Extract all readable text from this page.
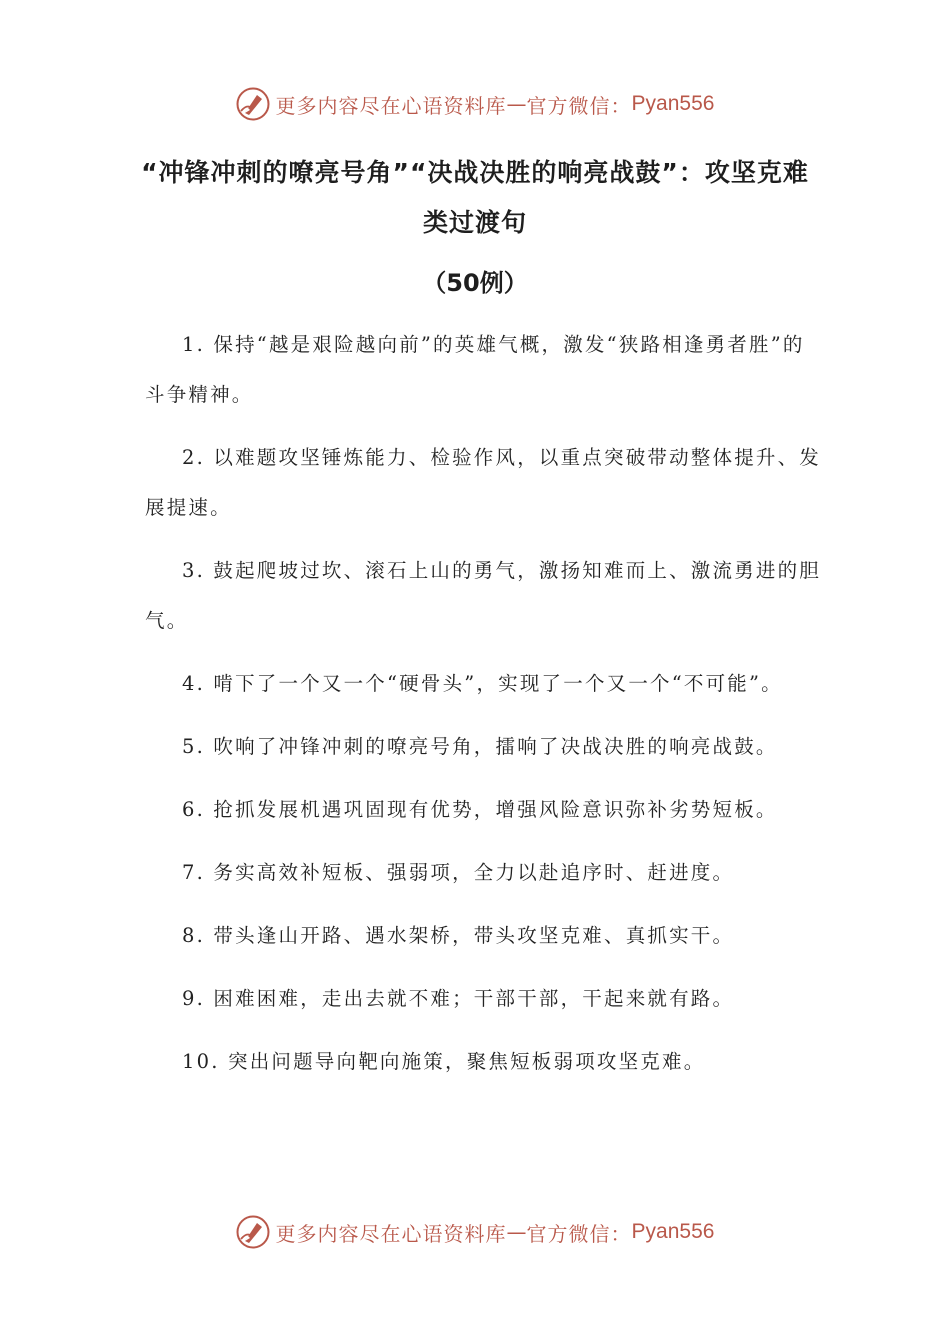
更多内容尽在心语资料库 — 官方微信： Pyan556
“冲锋冲刺的嘹亮号角”“决战决胜的响亮战鼓”：攻坚克难类过渡句
（50例）

1. 保持“越是艰险越向前”的英雄气概，激发“狭路相逢勇者胜”的斗争精神。

2. 以难题攻坚锤炼能力、检验作风，以重点突破带动整体提升、发展提速。

3. 鼓起爬坡过坎、滚石上山的勇气，激扬知难而上、激流勇进的胆气。

4. 啃下了一个又一个“硬骨头”，实现了一个又一个“不可能”。

5. 吹响了冲锋冲刺的嘹亮号角，擂响了决战决胜的响亮战鼓。

6. 抢抓发展机遇巩固现有优势，增强风险意识弥补劣势短板。

7. 务实高效补短板、强弱项，全力以赴追序时、赶进度。

8. 带头逢山开路、遇水架桥，带头攻坚克难、真抓实干。

9. 困难困难，走出去就不难；干部干部，干起来就有路。

10. 突出问题导向靶向施策，聚焦短板弱项攻坚克难。

更多内容尽在心语资料库 — 官方微信： Pyan556
